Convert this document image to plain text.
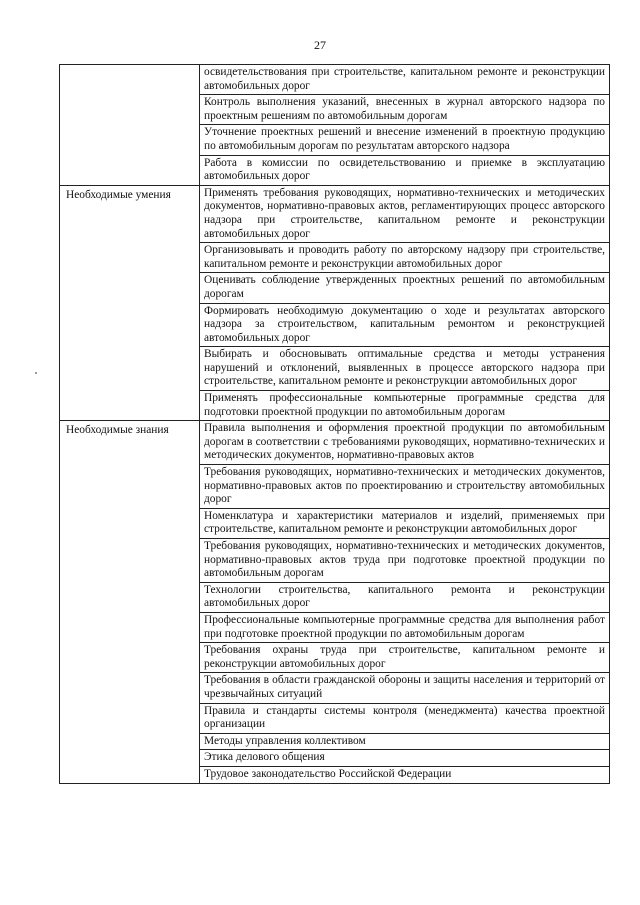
27
	освидетельствования при строительстве, капитальном ремонте и реконструкции автомобильных дорог
	Контроль выполнения указаний, внесенных в журнал авторского надзора по проектным решениям по автомобильным дорогам
	Уточнение проектных решений и внесение изменений в проектную продукцию по автомобильным дорогам по результатам авторского надзора
	Работа в комиссии по освидетельствованию и приемке в эксплуатацию автомобильных дорог
Необходимые умения	Применять требования руководящих, нормативно-технических и методических документов, нормативно-правовых актов, регламентирующих процесс авторского надзора при строительстве, капитальном ремонте и реконструкции автомобильных дорог
	Организовывать и проводить работу по авторскому надзору при строительстве, капитальном ремонте и реконструкции автомобильных дорог
	Оценивать соблюдение утвержденных проектных решений по автомобильным дорогам
	Формировать необходимую документацию о ходе и результатах авторского надзора за строительством, капитальным ремонтом и реконструкцией автомобильных дорог
	Выбирать и обосновывать оптимальные средства и методы устранения нарушений и отклонений, выявленных в процессе авторского надзора при строительстве, капитальном ремонте и реконструкции автомобильных дорог
	Применять профессиональные компьютерные программные средства для подготовки проектной продукции по автомобильным дорогам
Необходимые знания	Правила выполнения и оформления проектной продукции по автомобильным дорогам в соответствии с требованиями руководящих, нормативно-технических и методических документов, нормативно-правовых актов
	Требования руководящих, нормативно-технических и методических документов, нормативно-правовых актов по проектированию и строительству автомобильных дорог
	Номенклатура и характеристики материалов и изделий, применяемых при строительстве, капитальном ремонте и реконструкции автомобильных дорог
	Требования руководящих, нормативно-технических и методических документов, нормативно-правовых актов труда при подготовке проектной продукции по автомобильным дорогам
	Технологии строительства, капитального ремонта и реконструкции автомобильных дорог
	Профессиональные компьютерные программные средства для выполнения работ при подготовке проектной продукции по автомобильным дорогам
	Требования охраны труда при строительстве, капитальном ремонте и реконструкции автомобильных дорог
	Требования в области гражданской обороны и защиты населения и территорий от чрезвычайных ситуаций
	Правила и стандарты системы контроля (менеджмента) качества проектной организации
	Методы управления коллективом
	Этика делового общения
	Трудовое законодательство Российской Федерации
